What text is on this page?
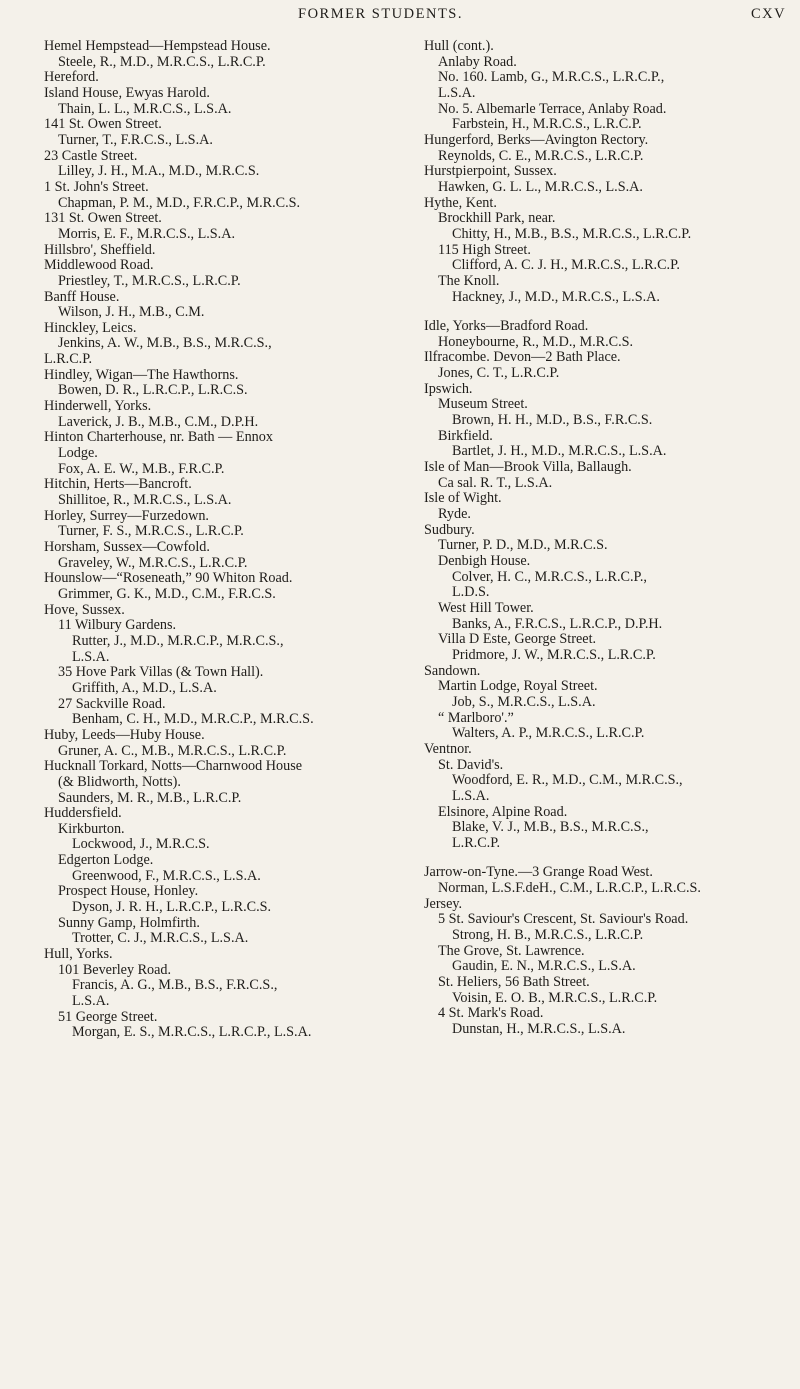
FORMER STUDENTS.	CXV
Hemel Hempstead—Hempstead House.
Steele, R., M.D., M.R.C.S., L.R.C.P.
Hereford.
Island House, Ewyas Harold.
Thain, L. L., M.R.C.S., L.S.A.
141 St. Owen Street.
Turner, T., F.R.C.S., L.S.A.
23 Castle Street.
Lilley, J. H., M.A., M.D., M.R.C.S.
1 St. John's Street.
Chapman, P. M., M.D., F.R.C.P., M.R.C.S.
131 St. Owen Street.
Morris, E. F., M.R.C.S., L.S.A.
Hillsbro', Sheffield.
Middlewood Road.
Priestley, T., M.R.C.S., L.R.C.P.
Banff House.
Wilson, J. H., M.B., C.M.
Hinckley, Leics.
Jenkins, A. W., M.B., B.S., M.R.C.S.,
L.R.C.P.
Hindley, Wigan—The Hawthorns.
Bowen, D. R., L.R.C.P., L.R.C.S.
Hinderwell, Yorks.
Laverick, J. B., M.B., C.M., D.P.H.
Hinton Charterhouse, nr. Bath — Ennox
Lodge.
Fox, A. E. W., M.B., F.R.C.P.
Hitchin, Herts—Bancroft.
Shillitoe, R., M.R.C.S., L.S.A.
Horley, Surrey—Furzedown.
Turner, F. S., M.R.C.S., L.R.C.P.
Horsham, Sussex—Cowfold.
Graveley, W., M.R.C.S., L.R.C.P.
Hounslow—“Roseneath,” 90 Whiton Road.
Grimmer, G. K., M.D., C.M., F.R.C.S.
Hove, Sussex.
11 Wilbury Gardens.
Rutter, J., M.D., M.R.C.P., M.R.C.S.,
L.S.A.
35 Hove Park Villas (& Town Hall).
Griffith, A., M.D., L.S.A.
27 Sackville Road.
Benham, C. H., M.D., M.R.C.P., M.R.C.S.
Huby, Leeds—Huby House.
Gruner, A. C., M.B., M.R.C.S., L.R.C.P.
Hucknall Torkard, Notts—Charnwood House
(& Blidworth, Notts).
Saunders, M. R., M.B., L.R.C.P.
Huddersfield.
Kirkburton.
Lockwood, J., M.R.C.S.
Edgerton Lodge.
Greenwood, F., M.R.C.S., L.S.A.
Prospect House, Honley.
Dyson, J. R. H., L.R.C.P., L.R.C.S.
Sunny Gamp, Holmfirth.
Trotter, C. J., M.R.C.S., L.S.A.
Hull, Yorks.
101 Beverley Road.
Francis, A. G., M.B., B.S., F.R.C.S.,
L.S.A.
51 George Street.
Morgan, E. S., M.R.C.S., L.R.C.P., L.S.A.
Hull (cont.).
Anlaby Road.
No. 160. Lamb, G., M.R.C.S., L.R.C.P.,
L.S.A.
No. 5. Albemarle Terrace, Anlaby Road.
Farbstein, H., M.R.C.S., L.R.C.P.
Hungerford, Berks—Avington Rectory.
Reynolds, C. E., M.R.C.S., L.R.C.P.
Hurstpierpoint, Sussex.
Hawken, G. L. L., M.R.C.S., L.S.A.
Hythe, Kent.
Brockhill Park, near.
Chitty, H., M.B., B.S., M.R.C.S., L.R.C.P.
115 High Street.
Clifford, A. C. J. H., M.R.C.S., L.R.C.P.
The Knoll.
Hackney, J., M.D., M.R.C.S., L.S.A.
Idle, Yorks—Bradford Road.
Honeybourne, R., M.D., M.R.C.S.
Ilfracombe. Devon—2 Bath Place.
Jones, C. T., L.R.C.P.
Ipswich.
Museum Street.
Brown, H. H., M.D., B.S., F.R.C.S.
Birkfield.
Bartlet, J. H., M.D., M.R.C.S., L.S.A.
Isle of Man—Brook Villa, Ballaugh.
Ca sal. R. T., L.S.A.
Isle of Wight.
Ryde.
Sudbury.
Turner, P. D., M.D., M.R.C.S.
Denbigh House.
Colver, H. C., M.R.C.S., L.R.C.P.,
L.D.S.
West Hill Tower.
Banks, A., F.R.C.S., L.R.C.P., D.P.H.
Villa D Este, George Street.
Pridmore, J. W., M.R.C.S., L.R.C.P.
Sandown.
Martin Lodge, Royal Street.
Job, S., M.R.C.S., L.S.A.
“ Marlboro'.”
Walters, A. P., M.R.C.S., L.R.C.P.
Ventnor.
St. David's.
Woodford, E. R., M.D., C.M., M.R.C.S.,
L.S.A.
Elsinore, Alpine Road.
Blake, V. J., M.B., B.S., M.R.C.S.,
L.R.C.P.
Jarrow-on-Tyne.—3 Grange Road West.
Norman, L.S.F.deH., C.M., L.R.C.P., L.R.C.S.
Jersey.
5 St. Saviour's Crescent, St. Saviour's Road.
Strong, H. B., M.R.C.S., L.R.C.P.
The Grove, St. Lawrence.
Gaudin, E. N., M.R.C.S., L.S.A.
St. Heliers, 56 Bath Street.
Voisin, E. O. B., M.R.C.S., L.R.C.P.
4 St. Mark's Road.
Dunstan, H., M.R.C.S., L.S.A.
